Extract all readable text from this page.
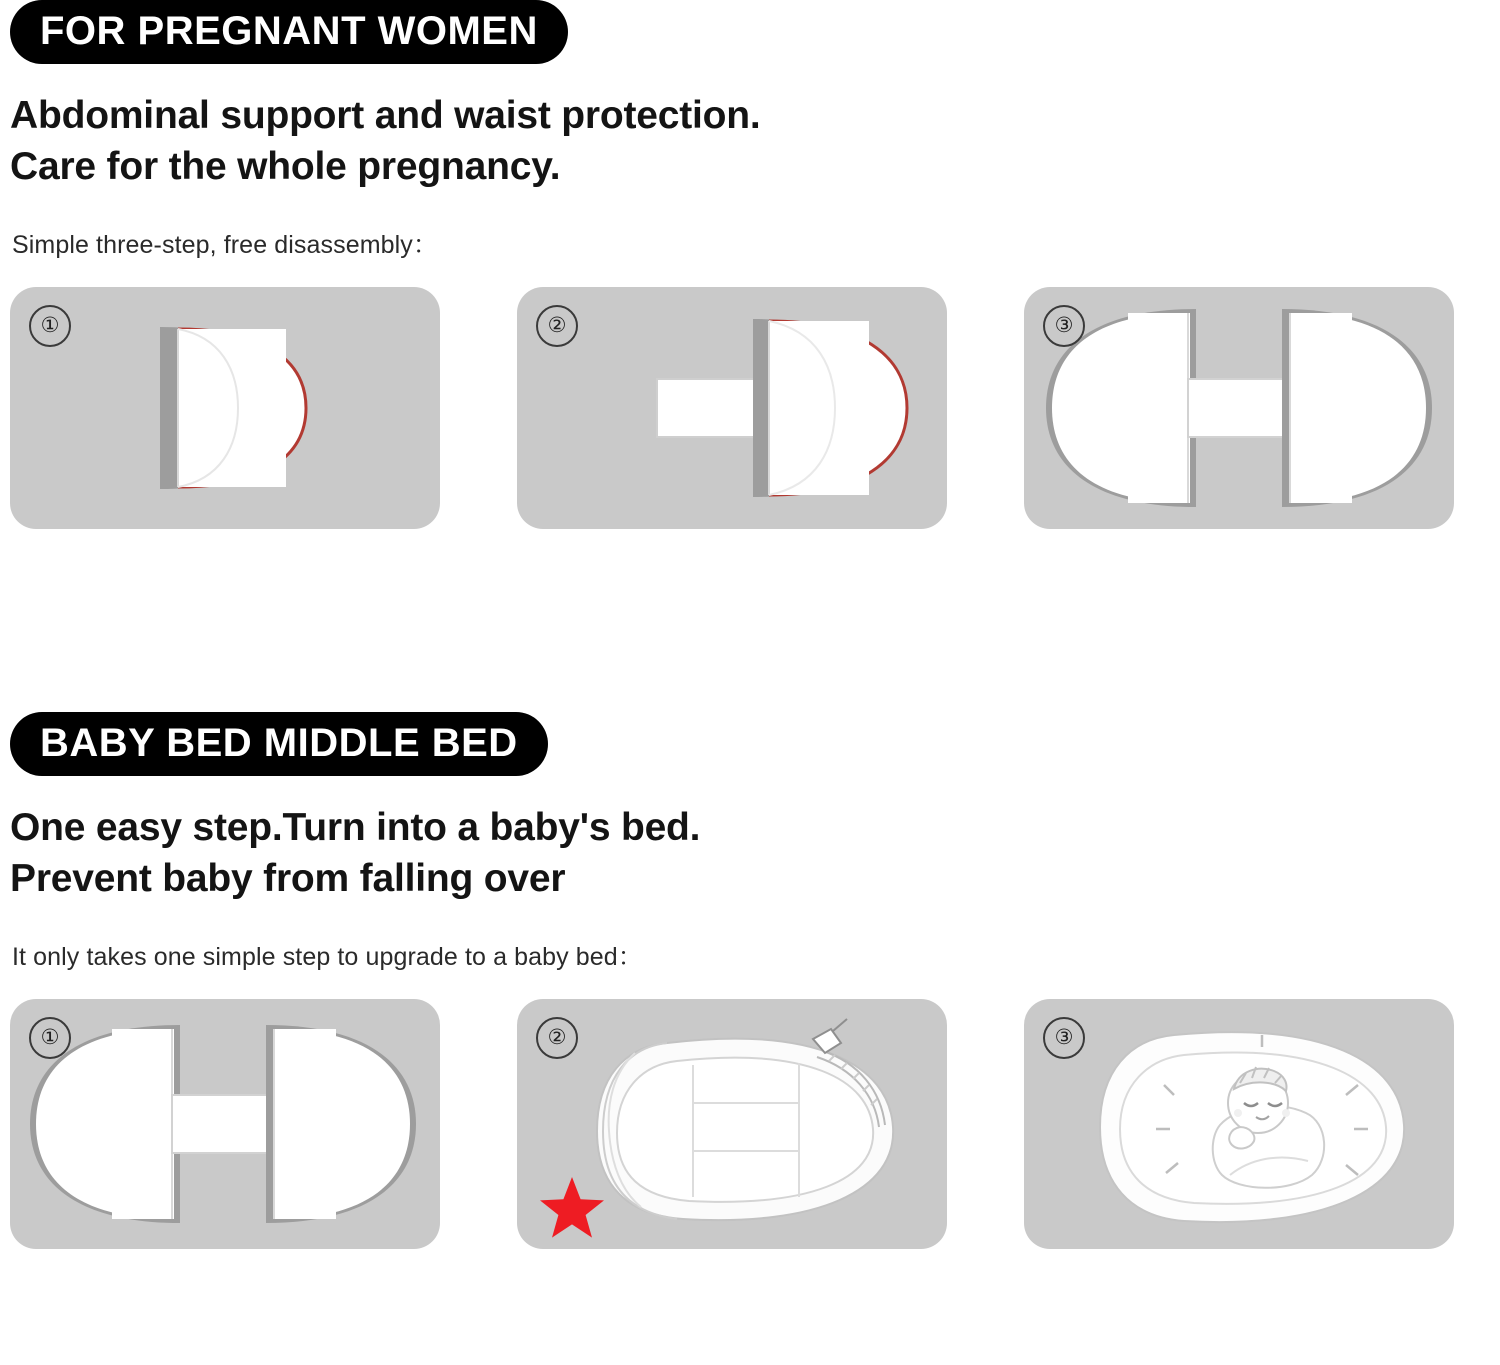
FOR PREGNANT WOMEN
Abdominal support and waist protection.
Care for the whole pregnancy.
Simple three-step, free disassembly：
①	②	③
BABY BED MIDDLE BED
One easy step.Turn into a baby's bed.
Prevent baby from falling over
It only takes one simple step to upgrade to a baby bed：
①	②	③
